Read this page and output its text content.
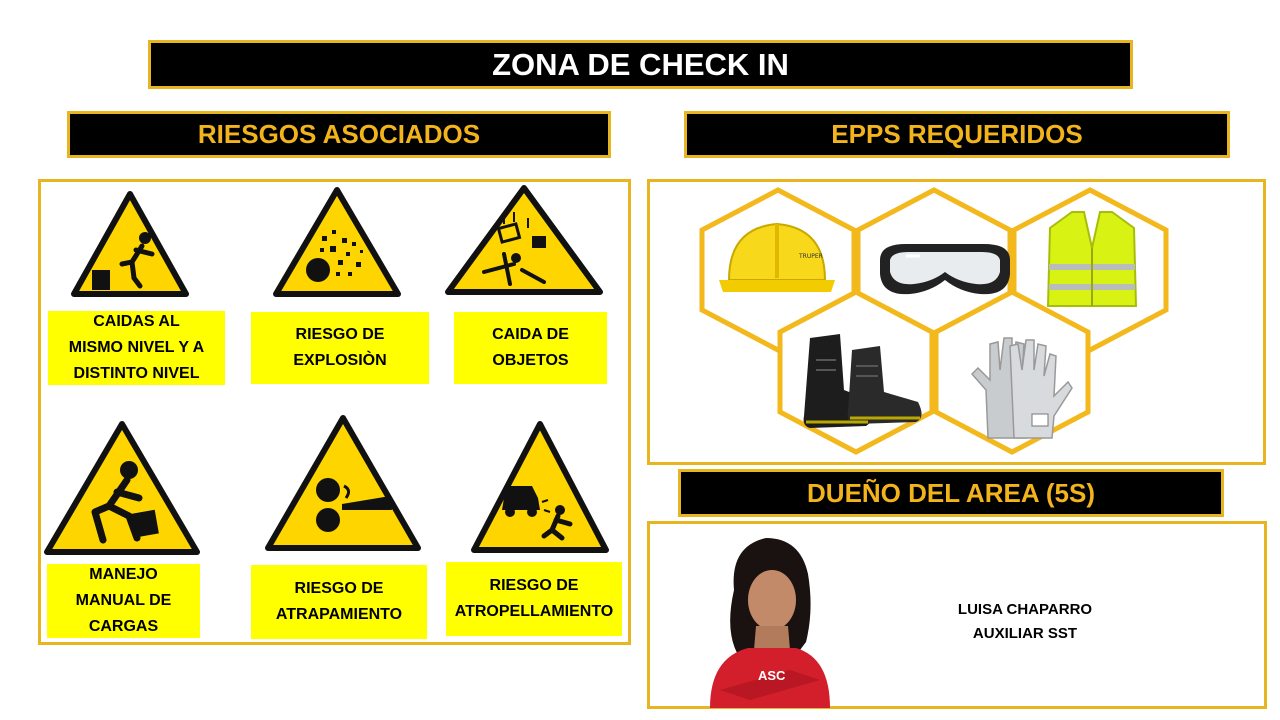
ZONA DE CHECK IN
RIESGOS ASOCIADOS	EPPS REQUERIDOS
DUEÑO DEL AREA (5S)
CAIDAS AL
MISMO NIVEL Y A
DISTINTO NIVEL
RIESGO DE
EXPLOSIÒN
CAIDA DE
OBJETOS
MANEJO
MANUAL DE
CARGAS
RIESGO DE
ATRAPAMIENTO
RIESGO DE
ATROPELLAMIENTO
TRUPER
ASC
LUISA CHAPARRO
AUXILIAR SST
